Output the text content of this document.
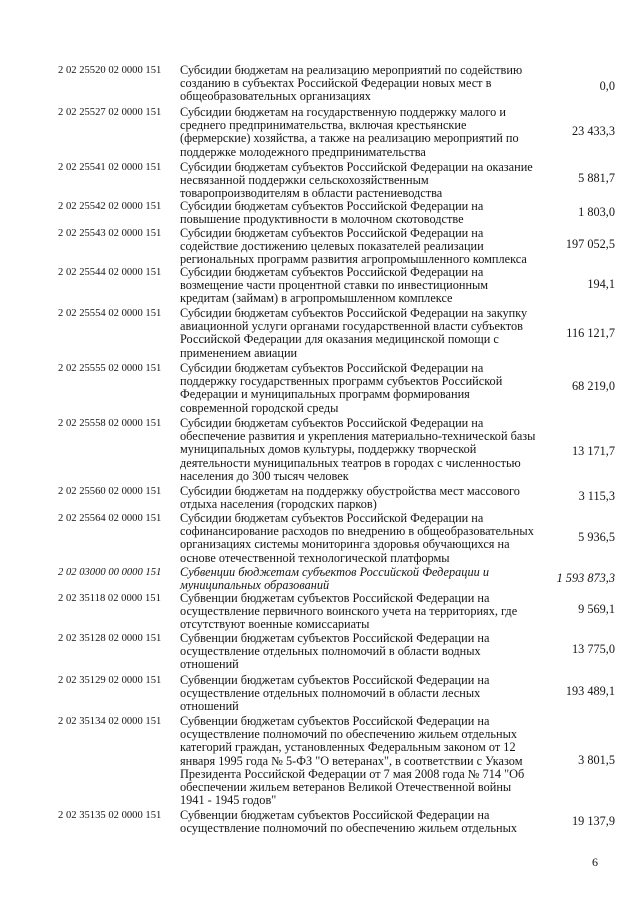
2 02 25520 02 0000 151 Субсидии бюджетам на реализацию мероприятий по содействию созданию в субъектах Российской Федерации новых мест в общеобразовательных организациях
0,0
2 02 25527 02 0000 151 Субсидии бюджетам на государственную поддержку малого и среднего предпринимательства, включая крестьянские (фермерские) хозяйства, а также на реализацию мероприятий по поддержке молодежного предпринимательства
23 433,3
2 02 25541 02 0000 151 Субсидии бюджетам субъектов Российской Федерации на оказание несвязанной поддержки сельскохозяйственным товаропроизводителям в области растениеводства
5 881,7
2 02 25542 02 0000 151 Субсидии бюджетам субъектов Российской Федерации на повышение продуктивности в молочном скотоводстве
1 803,0
2 02 25543 02 0000 151 Субсидии бюджетам субъектов Российской Федерации на содействие достижению целевых показателей реализации региональных программ развития агропромышленного комплекса
197 052,5
2 02 25544 02 0000 151 Субсидии бюджетам субъектов Российской Федерации на возмещение части процентной ставки по инвестиционным кредитам (займам) в агропромышленном комплексе
194,1
2 02 25554 02 0000 151 Субсидии бюджетам субъектов Российской Федерации на закупку авиационной услуги органами государственной власти субъектов Российской Федерации для оказания медицинской помощи с применением авиации
116 121,7
2 02 25555 02 0000 151 Субсидии бюджетам субъектов Российской Федерации на поддержку государственных программ субъектов Российской Федерации и муниципальных программ формирования современной городской среды
68 219,0
2 02 25558 02 0000 151 Субсидии бюджетам субъектов Российской Федерации на обеспечение развития и укрепления материально-технической базы муниципальных домов культуры, поддержку творческой деятельности муниципальных театров в городах с численностью населения до 300 тысяч человек
13 171,7
2 02 25560 02 0000 151 Субсидии бюджетам на поддержку обустройства мест массового отдыха населения (городских парков)
3 115,3
2 02 25564 02 0000 151 Субсидии бюджетам субъектов Российской Федерации на софинансирование расходов по внедрению в общеобразовательных организациях системы мониторинга здоровья обучающихся на основе отечественной технологической платформы
5 936,5
2 02 03000 00 0000 151 Субвенции бюджетам субъектов Российской Федерации и муниципальных образований
1 593 873,3
2 02 35118 02 0000 151 Субвенции бюджетам субъектов Российской Федерации на осуществление первичного воинского учета на территориях, где отсутствуют военные комиссариаты
9 569,1
2 02 35128 02 0000 151 Субвенции бюджетам субъектов Российской Федерации на осуществление отдельных полномочий в области водных отношений
13 775,0
2 02 35129 02 0000 151 Субвенции бюджетам субъектов Российской Федерации на осуществление отдельных полномочий в области лесных отношений
193 489,1
2 02 35134 02 0000 151 Субвенции бюджетам субъектов Российской Федерации на осуществление полномочий по обеспечению жильем отдельных категорий граждан, установленных Федеральным законом от 12 января 1995 года № 5-ФЗ "О ветеранах", в соответствии с Указом Президента Российской Федерации от 7 мая 2008 года № 714 "Об обеспечении жильем ветеранов Великой Отечественной войны 1941 - 1945 годов"
3 801,5
2 02 35135 02 0000 151 Субвенции бюджетам субъектов Российской Федерации на осуществление полномочий по обеспечению жильем отдельных
19 137,9
6
